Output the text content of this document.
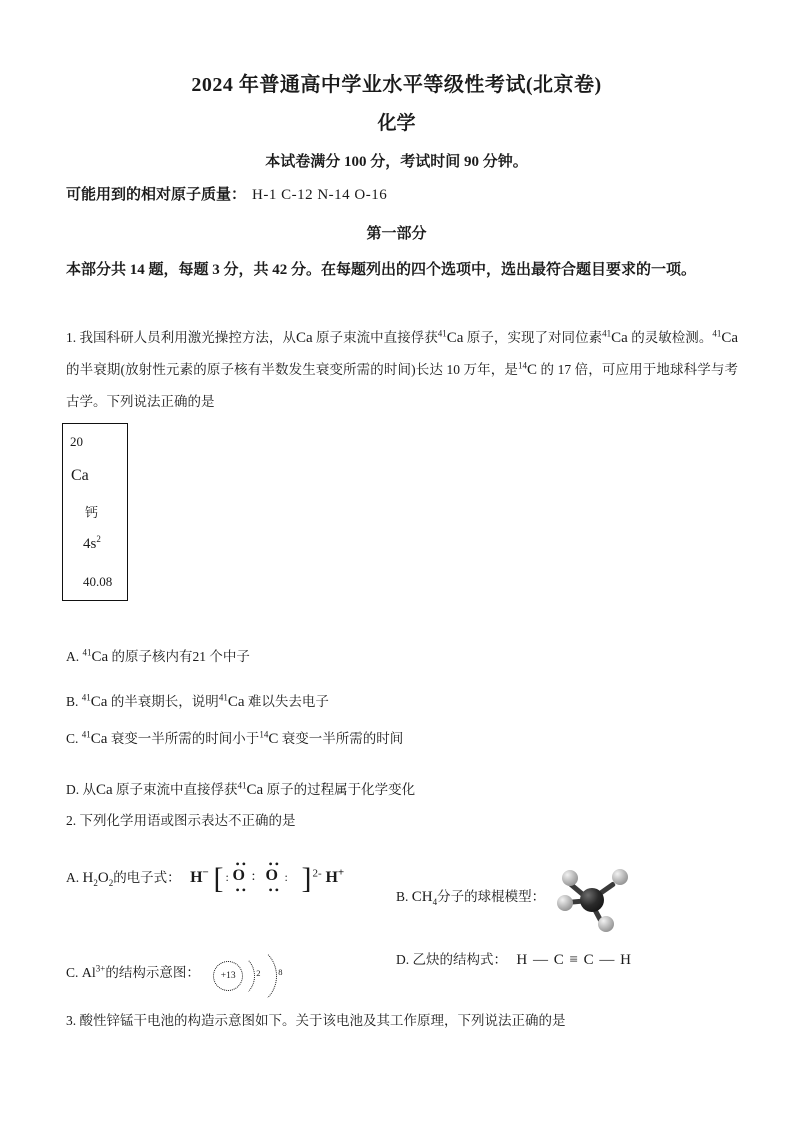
2024 年普通高中学业水平等级性考试(北京卷)
化学
本试卷满分 100 分，考试时间 90 分钟。
可能用到的相对原子质量： H-1 C-12 N-14 O-16
第一部分
本部分共 14 题，每题 3 分，共 42 分。在每题列出的四个选项中，选出最符合题目要求的一项。
1. 我国科研人员利用激光操控方法，从Ca 原子束流中直接俘获$^{41}$Ca 原子，实现了对同位素$^{41}$Ca 的灵敏检测。$^{41}$Ca 的半衰期(放射性元素的原子核有半数发生衰变所需的时间)长达 10 万年，是$^{14}$C 的 17 倍，可应用于地球科学与考古学。下列说法正确的是
20
Ca
钙
$4s^2$
40.08
A. $^{41}$Ca 的原子核内有21 个中子
B. $^{41}$Ca 的半衰期长，说明$^{41}$Ca 难以失去电子
C. $^{41}$Ca 衰变一半所需的时间小于$^{14}$C 衰变一半所需的时间
D. 从Ca 原子束流中直接俘获$^{41}$Ca 原子的过程属于化学变化
2. 下列化学用语或图示表达不正确的是
A. $H_2O_2$的电子式： H− [ •• ••
: O : O :
•• •• ]$^{2-}$ H+
B. $CH_4$分子的球棍模型：
C. $Al^{3+}$的结构示意图：	+13	2 8
D. 乙炔的结构式： H — C ≡ C — H
3. 酸性锌锰干电池的构造示意图如下。关于该电池及其工作原理，下列说法正确的是
